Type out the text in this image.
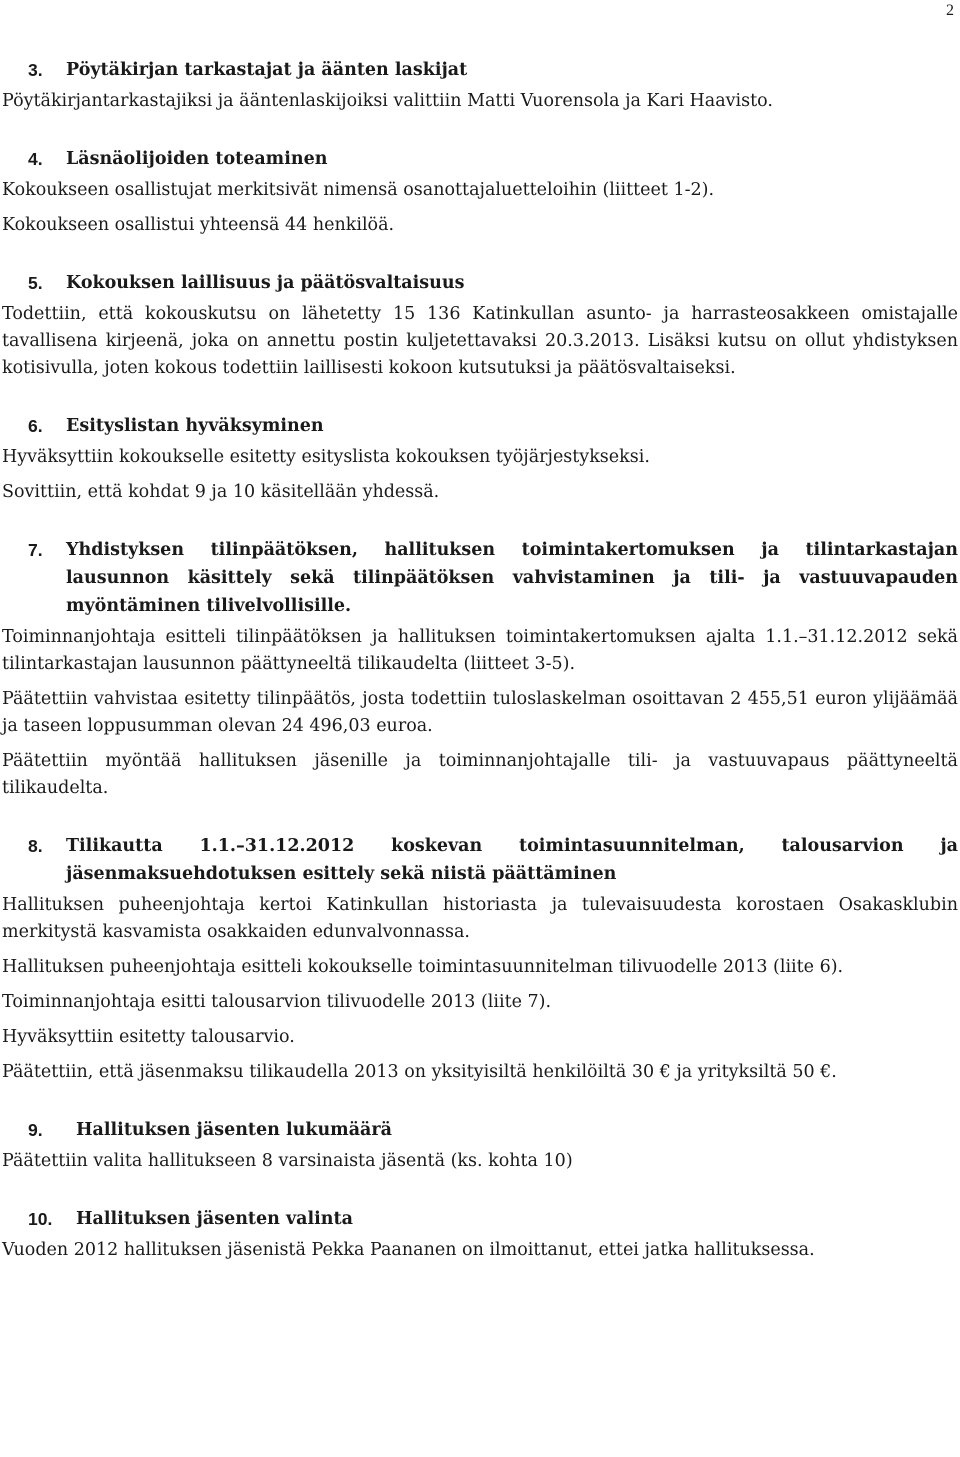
2
3.	Pöytäkirjan tarkastajat ja äänten laskijat

Pöytäkirjantarkastajiksi ja ääntenlaskijoiksi valittiin Matti Vuorensola ja Kari Haavisto.

4.	Läsnäolijoiden toteaminen

Kokoukseen osallistujat merkitsivät nimensä osanottajaluetteloihin (liitteet 1-2).

Kokoukseen osallistui yhteensä 44 henkilöä.

5.	Kokouksen laillisuus ja päätösvaltaisuus

Todettiin, että kokouskutsu on lähetetty 15 136 Katinkullan asunto- ja harrasteosakkeen omistajalle tavallisena kirjeenä, joka on annettu postin kuljetettavaksi 20.3.2013. Lisäksi kutsu on ollut yhdistyksen kotisivulla, joten kokous todettiin laillisesti kokoon kutsutuksi ja päätösvaltaiseksi.

6.	Esityslistan hyväksyminen

Hyväksyttiin kokoukselle esitetty esityslista kokouksen työjärjestykseksi.

Sovittiin, että kohdat 9 ja 10 käsitellään yhdessä.

7.	Yhdistyksen tilinpäätöksen, hallituksen toimintakertomuksen ja tilintarkastajan lausunnon käsittely sekä tilinpäätöksen vahvistaminen ja tili- ja vastuuvapauden myöntäminen tilivelvollisille.

Toiminnanjohtaja esitteli tilinpäätöksen ja hallituksen toimintakertomuksen ajalta 1.1.–31.12.2012 sekä tilintarkastajan lausunnon päättyneeltä tilikaudelta (liitteet 3-5).

Päätettiin vahvistaa esitetty tilinpäätös, josta todettiin tuloslaskelman osoittavan 2 455,51 euron ylijäämää ja taseen loppusumman olevan 24 496,03 euroa.

Päätettiin myöntää hallituksen jäsenille ja toiminnanjohtajalle tili- ja vastuuvapaus päättyneeltä tilikaudelta.

8.	Tilikautta 1.1.–31.12.2012 koskevan toimintasuunnitelman, talousarvion ja jäsenmaksuehdotuksen esittely sekä niistä päättäminen

Hallituksen puheenjohtaja kertoi Katinkullan historiasta ja tulevaisuudesta korostaen Osakasklubin merkitystä kasvamista osakkaiden edunvalvonnassa.

Hallituksen puheenjohtaja esitteli kokoukselle toimintasuunnitelman tilivuodelle 2013 (liite 6).

Toiminnanjohtaja esitti talousarvion tilivuodelle 2013 (liite 7).

Hyväksyttiin esitetty talousarvio.

Päätettiin, että jäsenmaksu tilikaudella 2013 on yksityisiltä henkilöiltä 30 € ja yrityksiltä 50 €.

9.	Hallituksen jäsenten lukumäärä

Päätettiin valita hallitukseen 8 varsinaista jäsentä (ks. kohta 10)

10.	Hallituksen jäsenten valinta

Vuoden 2012 hallituksen jäsenistä Pekka Paananen on ilmoittanut, ettei jatka hallituksessa.
